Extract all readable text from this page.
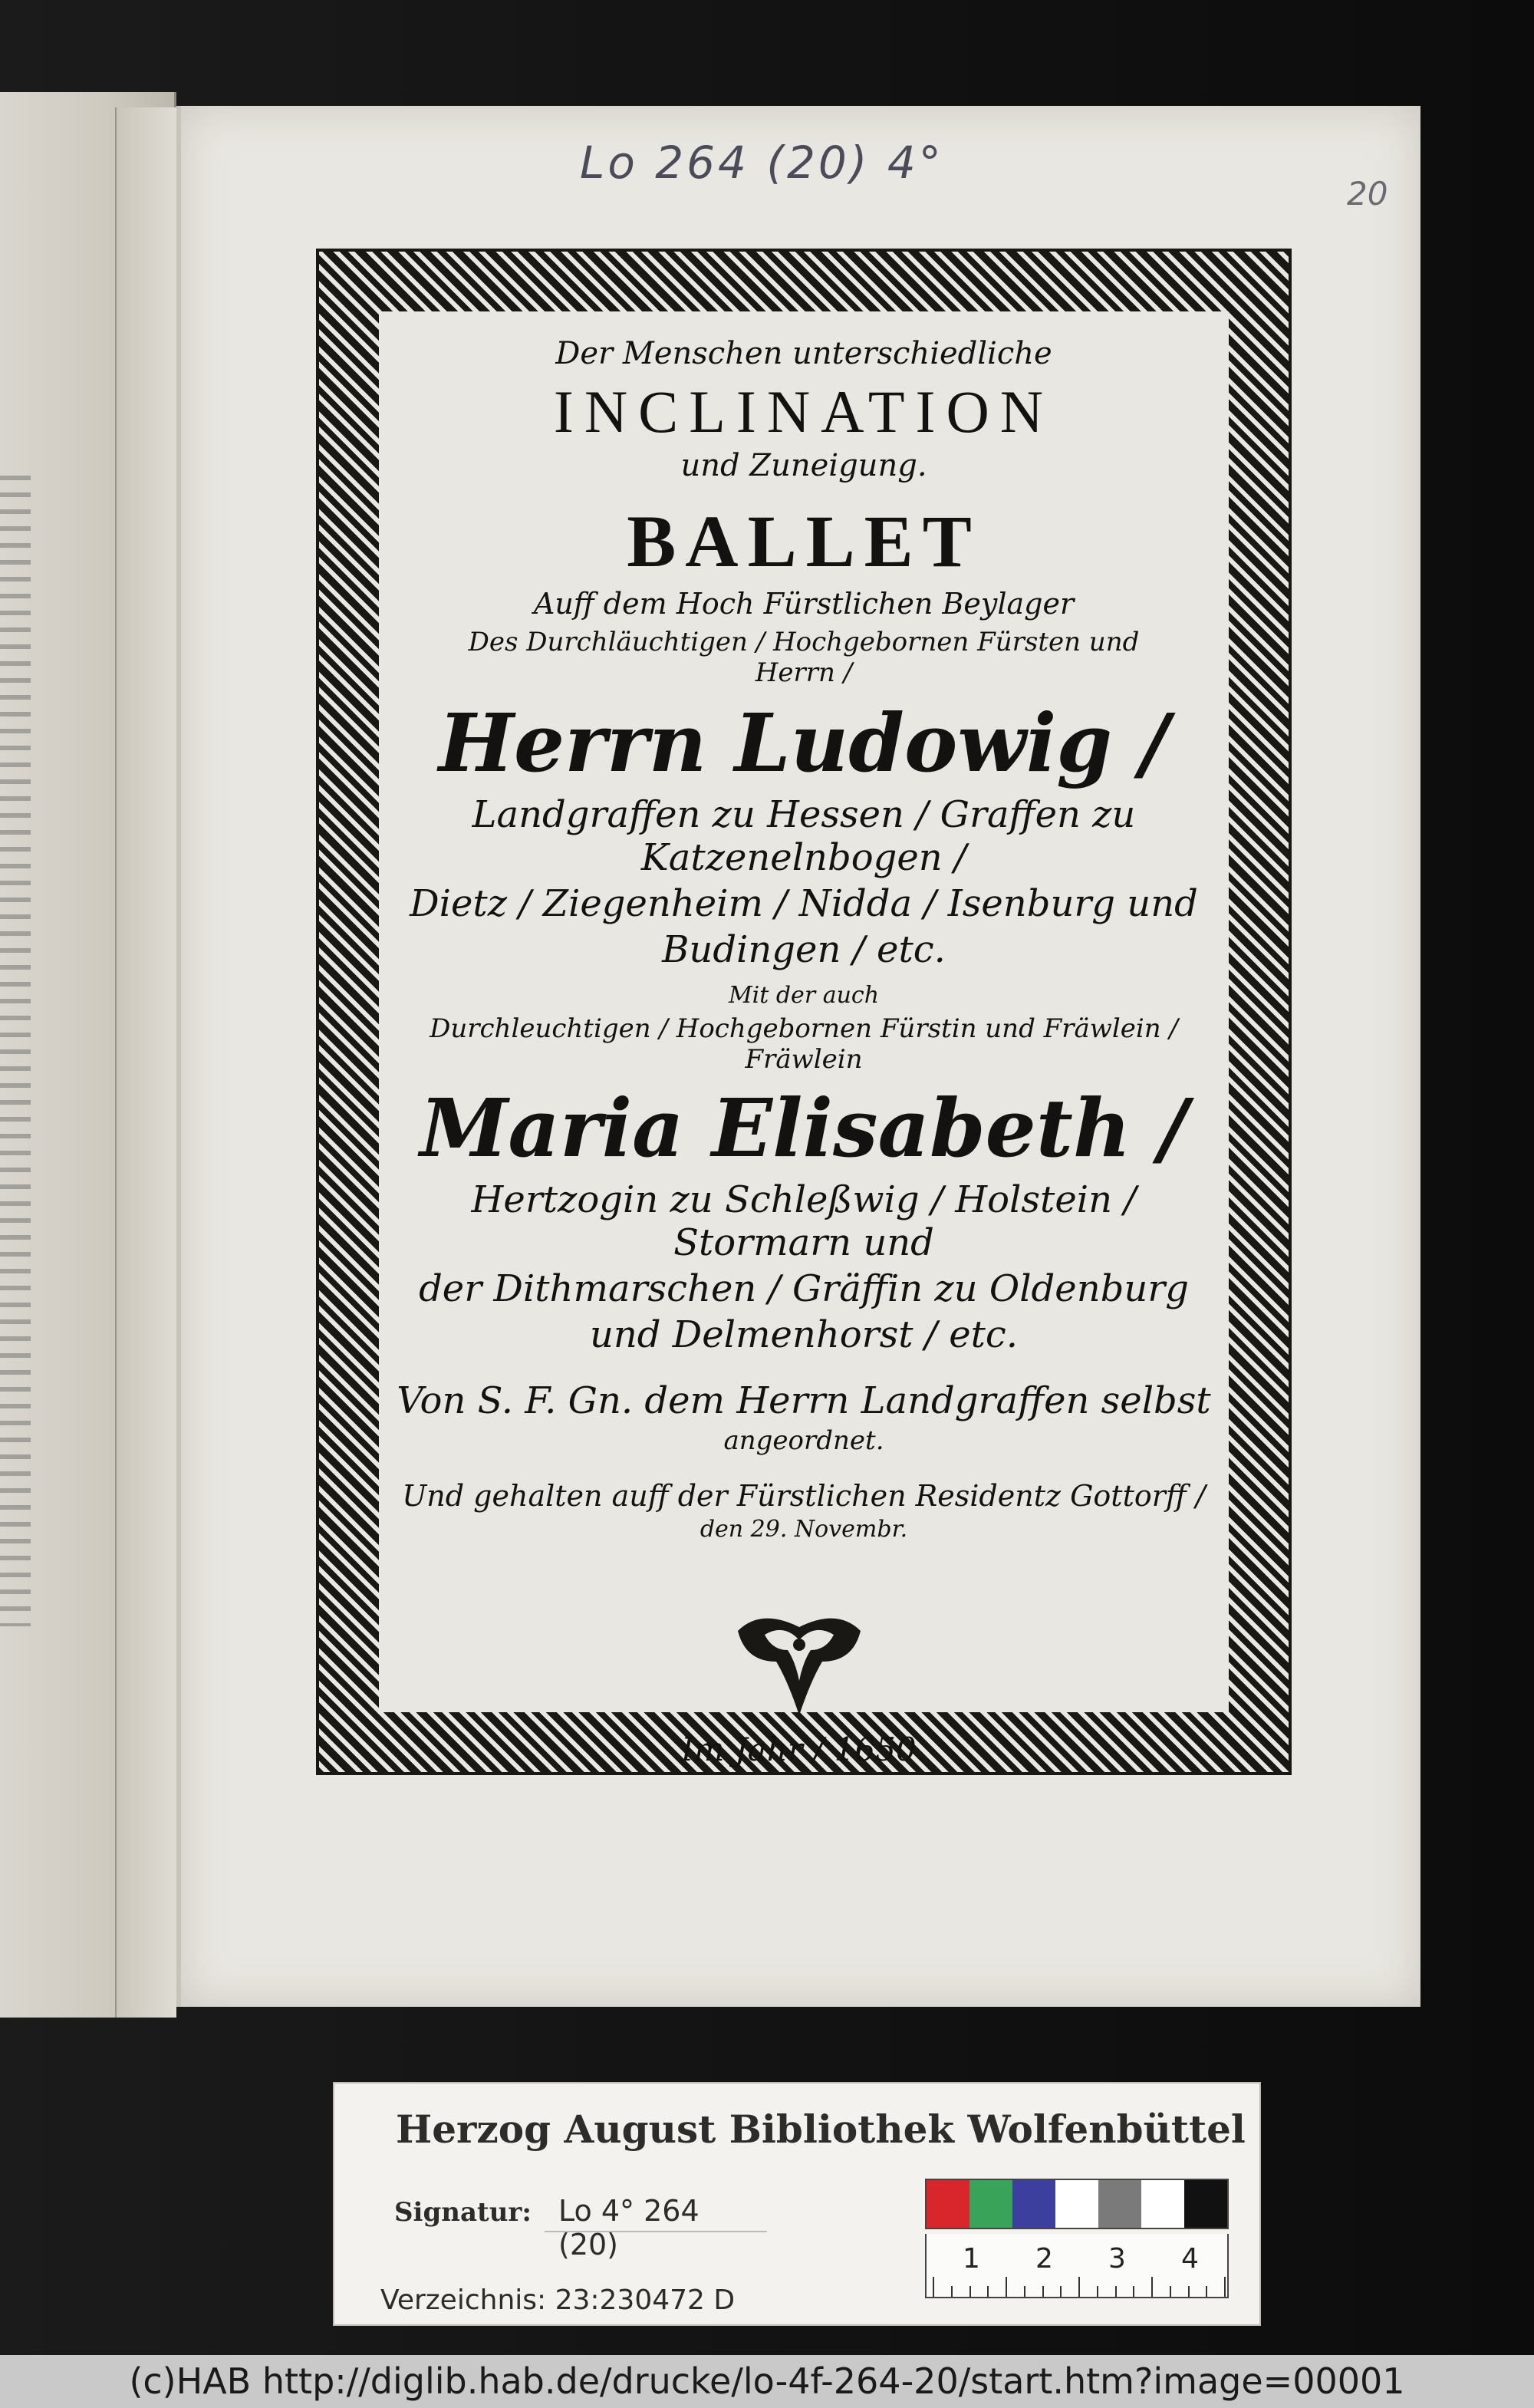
Lo 264 (20) 4°
20
Der Menschen unterschiedliche
INCLINATION
und Zuneigung.
BALLET
Auff dem Hoch Fürstlichen Beylager
Des Durchläuchtigen / Hochgebornen Fürsten und
Herrn /
Herrn Ludowig /
Landgraffen zu Hessen / Graffen zu Katzenelnbogen /
Dietz / Ziegenheim / Nidda / Isenburg und
Budingen / etc.
Mit der auch
Durchleuchtigen / Hochgebornen Fürstin und Fräwlein /
Fräwlein
Maria Elisabeth /
Hertzogin zu Schleßwig / Holstein / Stormarn und
der Dithmarschen / Gräffin zu Oldenburg
und Delmenhorst / etc.
Von S. F. Gn. dem Herrn Landgraffen selbst
angeordnet.
Und gehalten auff der Fürstlichen Residentz Gottorff /
den 29. Novembr.
Im Jahr / 1650.
Herzog August Bibliothek Wolfenbüttel
Signatur: Lo 4° 264 (20)
Verzeichnis: 23:230472 D
1 2 3 4
(c)HAB http://diglib.hab.de/drucke/lo-4f-264-20/start.htm?image=00001
